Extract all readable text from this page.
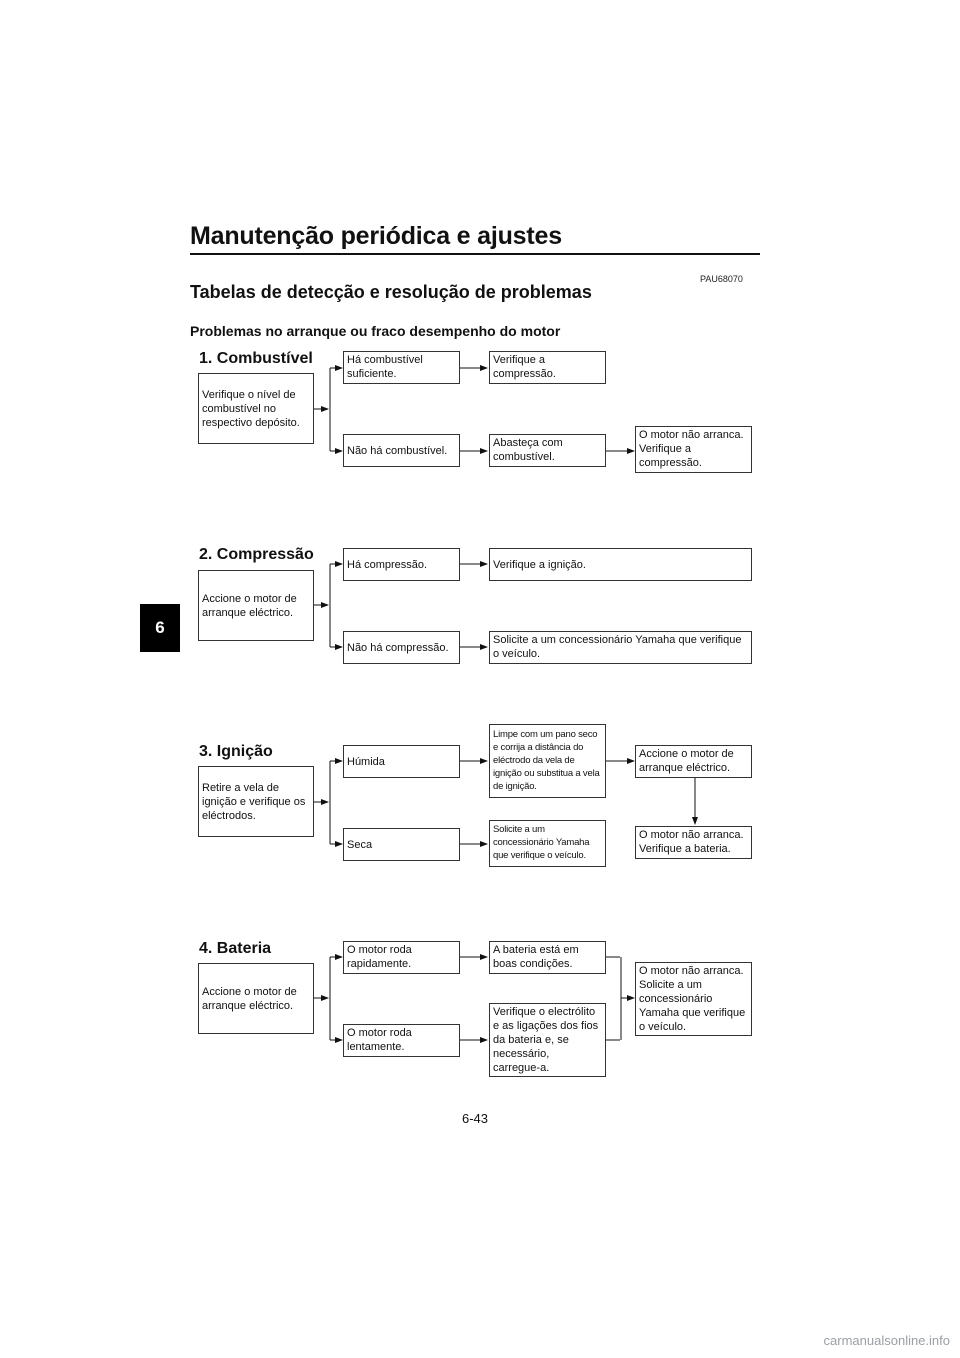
Manutenção periódica e ajustes
PAU68070
Tabelas de detecção e resolução de problemas
Problemas no arranque ou fraco desempenho do motor
6
1. Combustível
Verifique o nível de
combustível no
respectivo depósito.
Há combustível
suficiente.
Verifique a
compressão.
Não há combustível.
Abasteça com
combustível.
O motor não arranca.
Verifique a
compressão.
2. Compressão
Accione o motor de
arranque eléctrico.
Há compressão.	Verifique a ignição.
Não há compressão.
Solicite a um concessionário Yamaha que verifique
o veículo.
3. Ignição
Retire a vela de
ignição e verifique os
eléctrodos.
Húmida
Limpe com um pano seco
e corrija a distância do
eléctrodo da vela de
ignição ou substitua a vela
de ignição.
Accione o motor de
arranque eléctrico.
O motor não arranca.
Verifique a bateria.
Seca
Solicite a um
concessionário Yamaha
que verifique o veículo.
4. Bateria
Accione o motor de
arranque eléctrico.
O motor roda
rapidamente.
A bateria está em
boas condições.
O motor roda
lentamente.
Verifique o electrólito
e as ligações dos fios
da bateria e, se
necessário,
carregue-a.
O motor não arranca.
Solicite a um
concessionário
Yamaha que verifique
o veículo.
6-43
carmanualsonline.info
